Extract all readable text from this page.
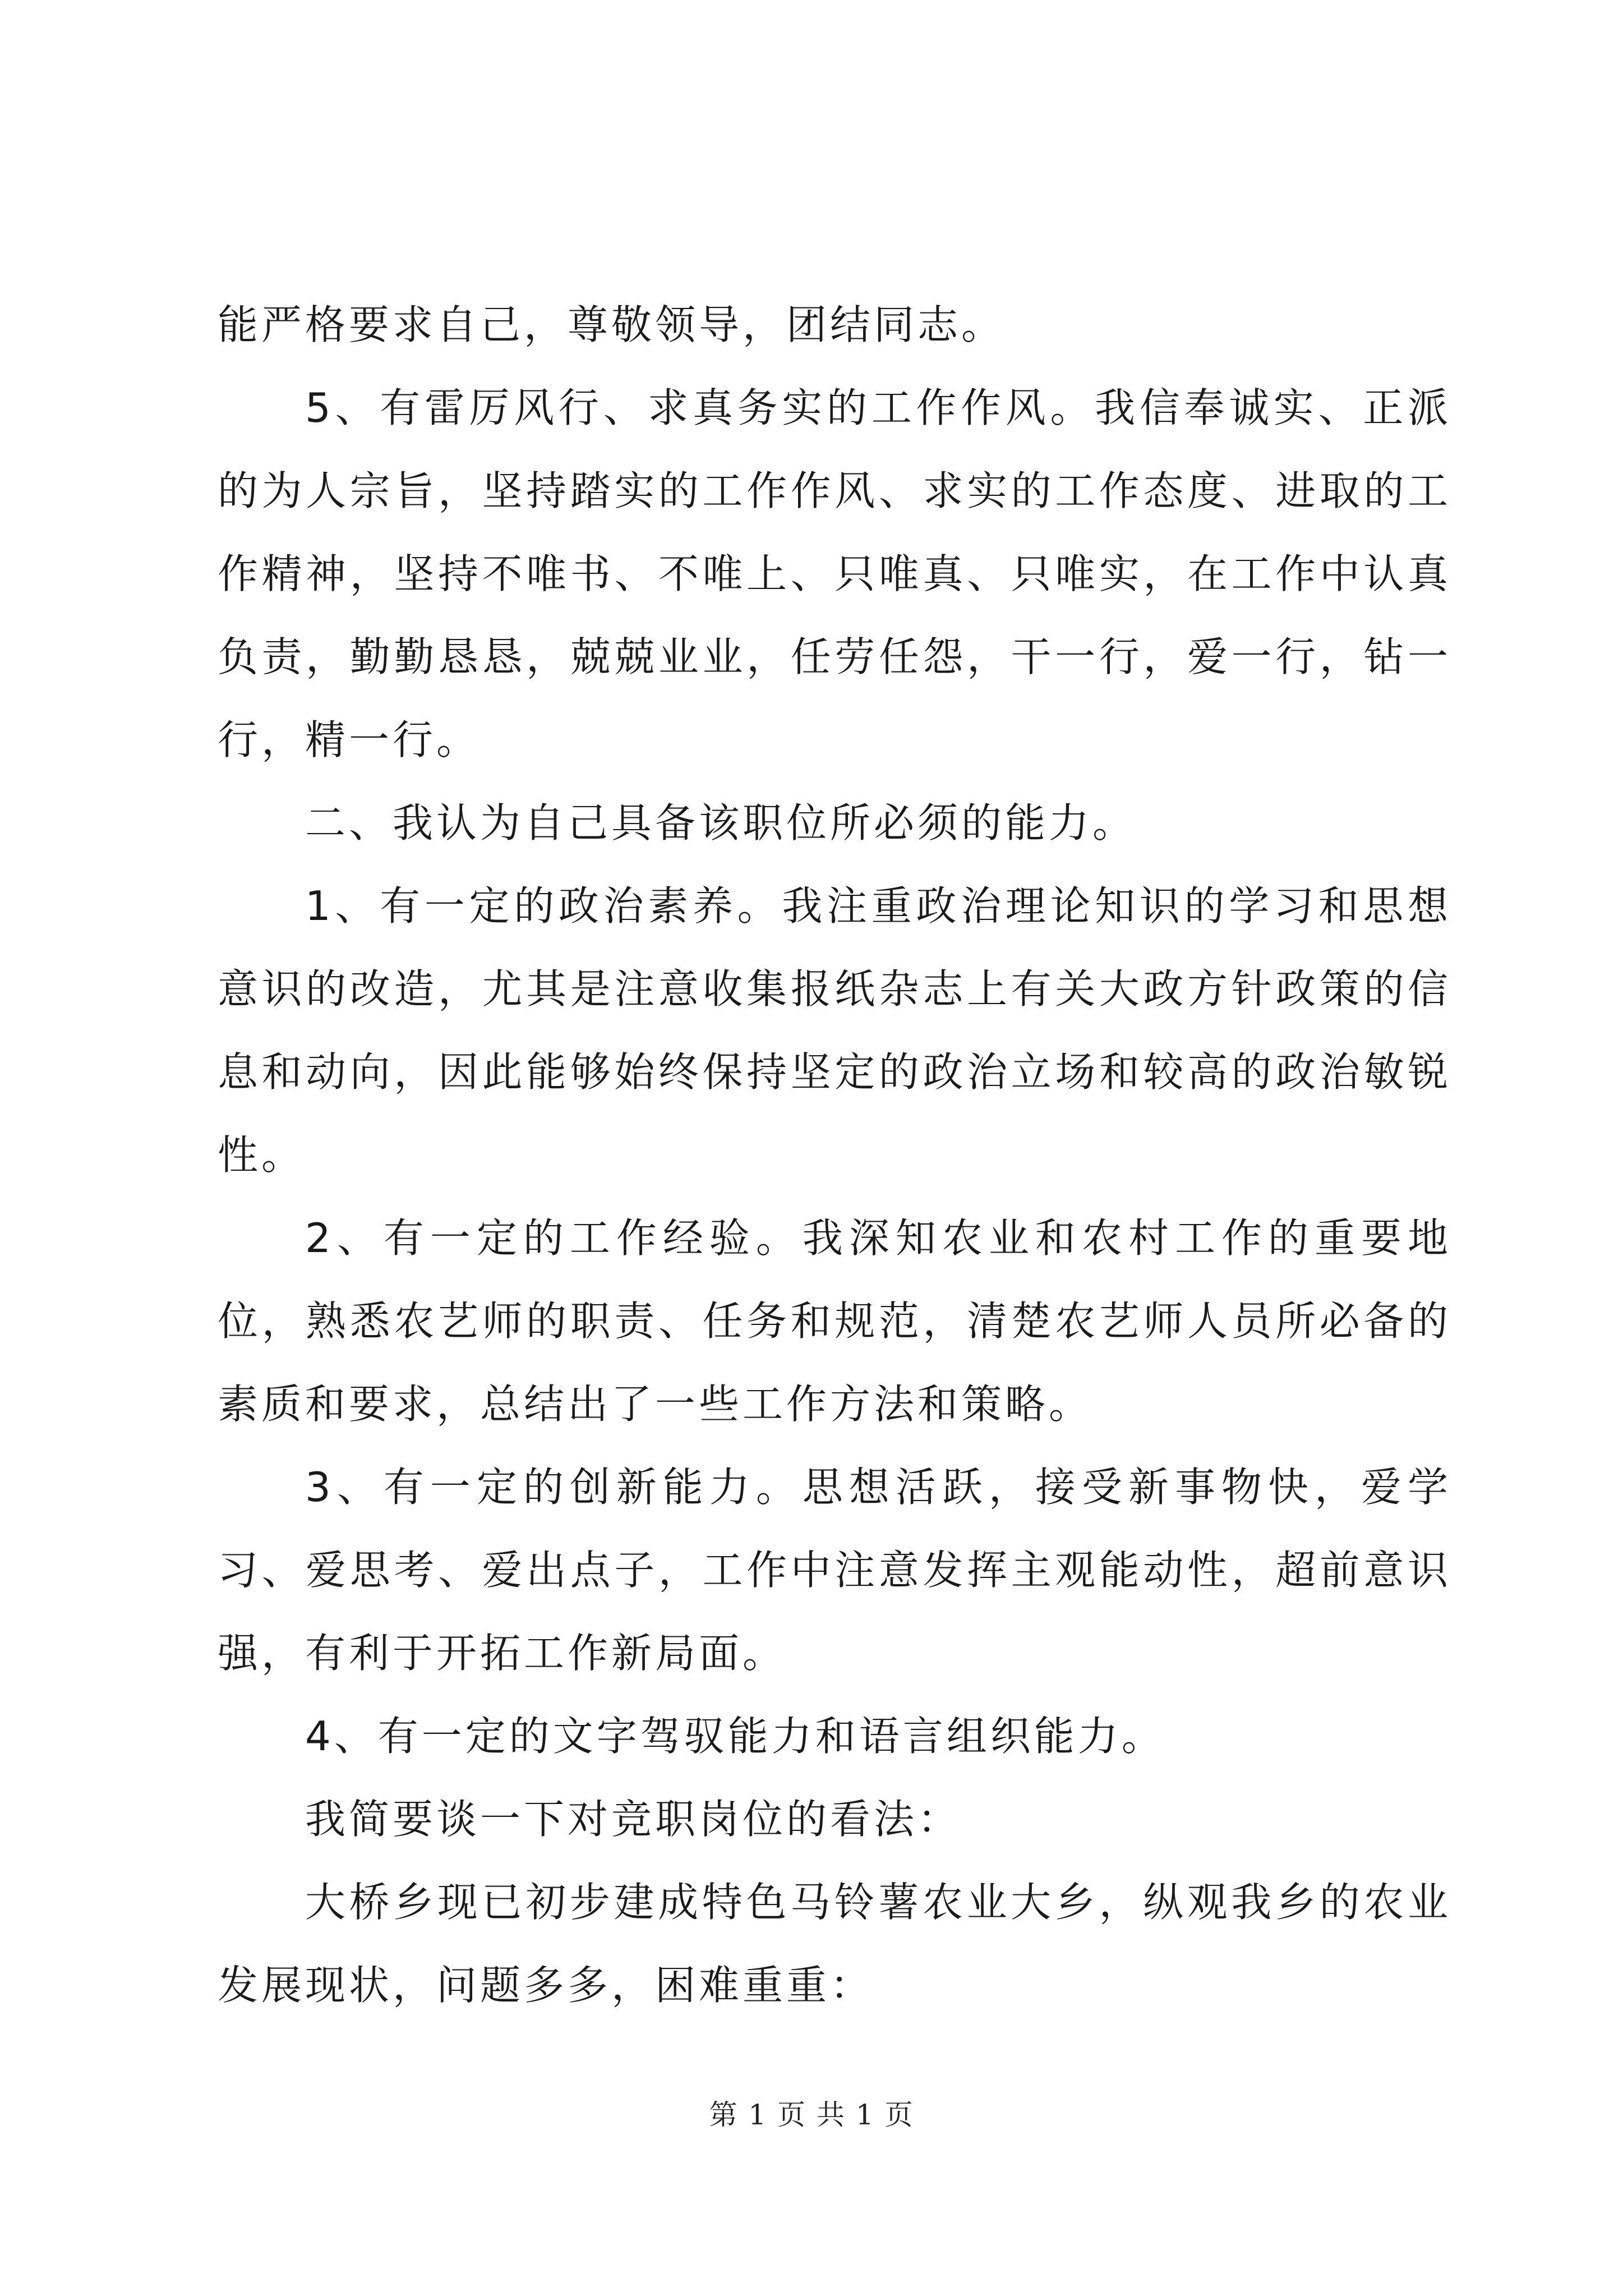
能严格要求自己，尊敬领导，团结同志。

5、有雷厉风行、求真务实的工作作风。我信奉诚实、正派的为人宗旨，坚持踏实的工作作风、求实的工作态度、进取的工作精神，坚持不唯书、不唯上、只唯真、只唯实，在工作中认真负责，勤勤恳恳，兢兢业业，任劳任怨，干一行，爱一行，钻一行，精一行。

二、我认为自己具备该职位所必须的能力。

1、有一定的政治素养。我注重政治理论知识的学习和思想意识的改造，尤其是注意收集报纸杂志上有关大政方针政策的信息和动向，因此能够始终保持坚定的政治立场和较高的政治敏锐性。

2、有一定的工作经验。我深知农业和农村工作的重要地位，熟悉农艺师的职责、任务和规范，清楚农艺师人员所必备的素质和要求，总结出了一些工作方法和策略。

3、有一定的创新能力。思想活跃，接受新事物快，爱学习、爱思考、爱出点子，工作中注意发挥主观能动性，超前意识强，有利于开拓工作新局面。

4、有一定的文字驾驭能力和语言组织能力。

我简要谈一下对竞职岗位的看法：

大桥乡现已初步建成特色马铃薯农业大乡，纵观我乡的农业发展现状，问题多多，困难重重：

第 1 页 共 1 页
